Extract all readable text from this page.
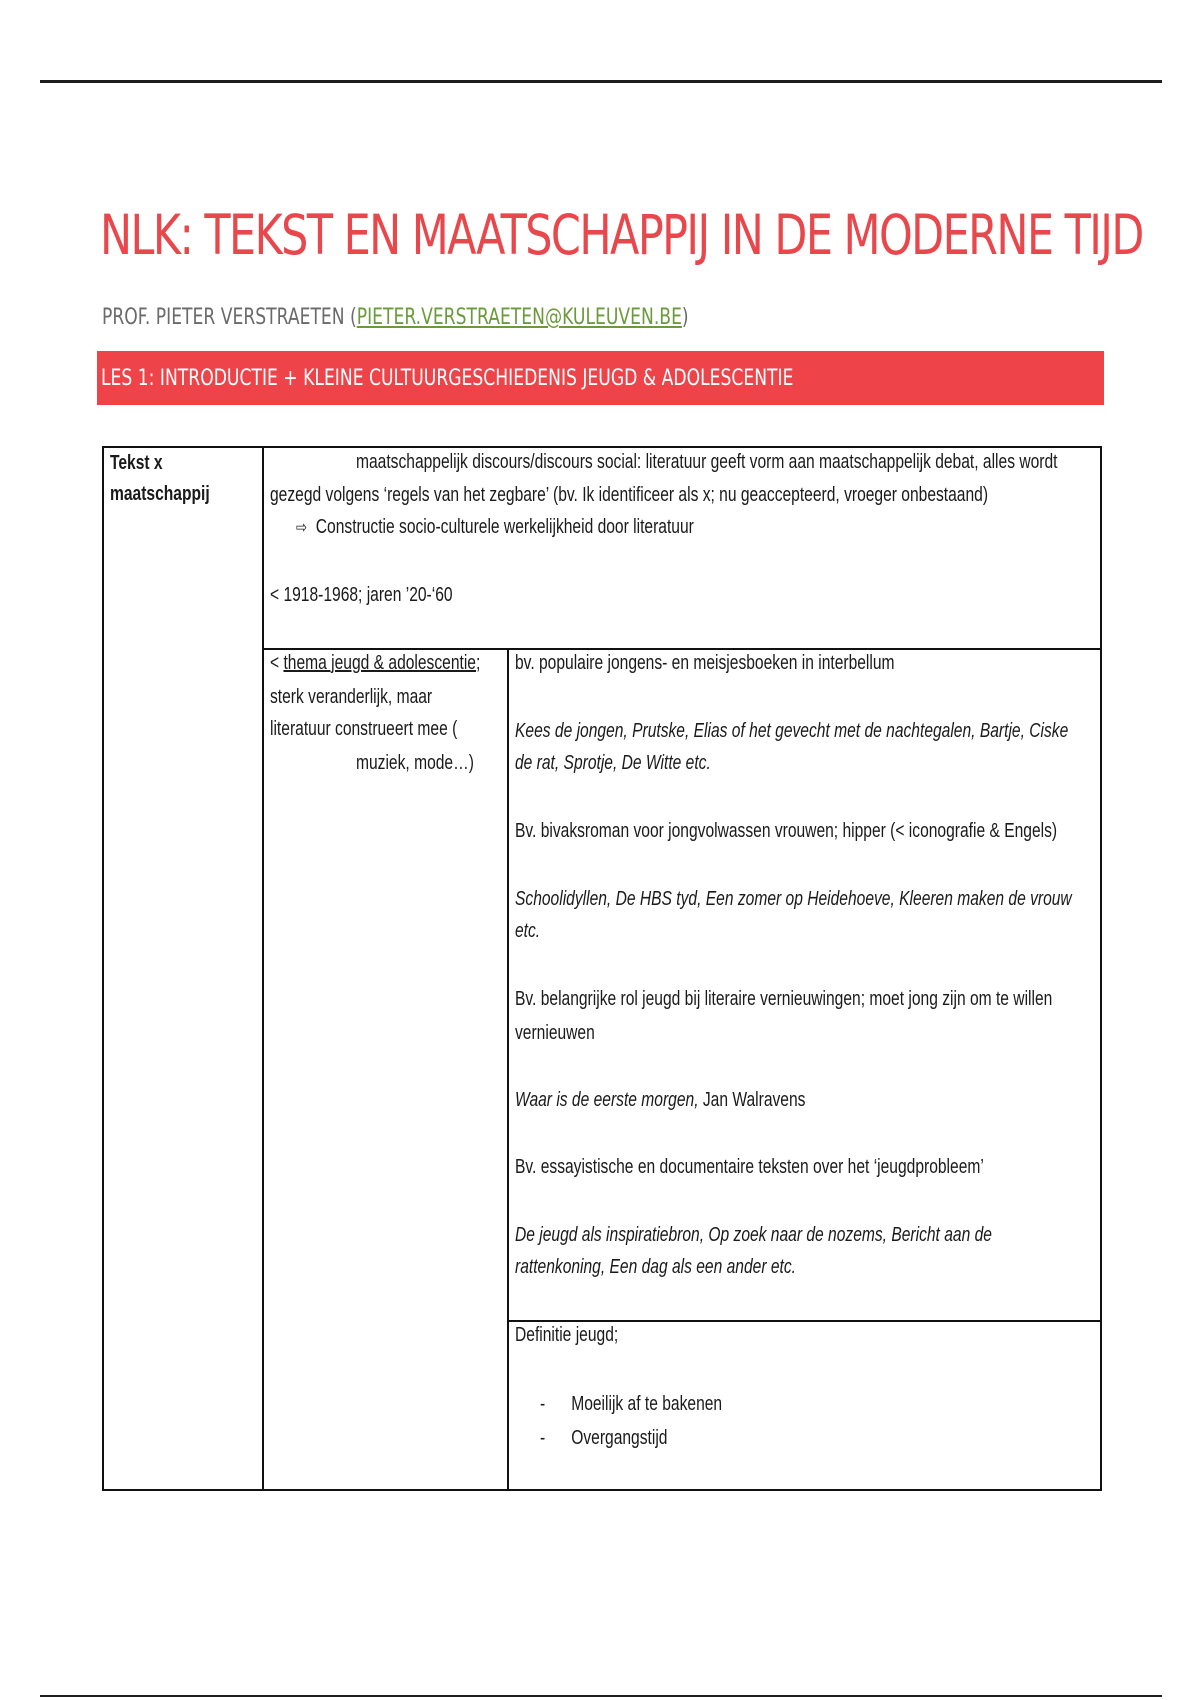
NLK: TEKST EN MAATSCHAPPIJ IN DE MODERNE TIJD
PROF. PIETER VERSTRAETEN (PIETER.VERSTRAETEN@KULEUVEN.BE)
LES 1: INTRODUCTIE + KLEINE CULTUURGESCHIEDENIS JEUGD & ADOLESCENTIE
Tekst x
maatschappij
maatschappelijk discours/discours social: literatuur geeft vorm aan maatschappelijk debat, alles wordt
gezegd volgens ‘regels van het zegbare’ (bv. Ik identificeer als x; nu geaccepteerd, vroeger onbestaand)
⇨ Constructie socio-culturele werkelijkheid door literatuur
< 1918-1968; jaren ’20-‘60
< thema jeugd & adolescentie;
sterk veranderlijk, maar
literatuur construeert mee (
muziek, mode…)
bv. populaire jongens- en meisjesboeken in interbellum
Kees de jongen, Prutske, Elias of het gevecht met de nachtegalen, Bartje, Ciske
de rat, Sprotje, De Witte etc.
Bv. bivaksroman voor jongvolwassen vrouwen; hipper (< iconografie & Engels)
Schoolidyllen, De HBS tyd, Een zomer op Heidehoeve, Kleeren maken de vrouw
etc.
Bv. belangrijke rol jeugd bij literaire vernieuwingen; moet jong zijn om te willen
vernieuwen
Waar is de eerste morgen, Jan Walravens
Bv. essayistische en documentaire teksten over het ‘jeugdprobleem’
De jeugd als inspiratiebron, Op zoek naar de nozems, Bericht aan de
rattenkoning, Een dag als een ander etc.
Definitie jeugd;
- Moeilijk af te bakenen
- Overgangstijd
